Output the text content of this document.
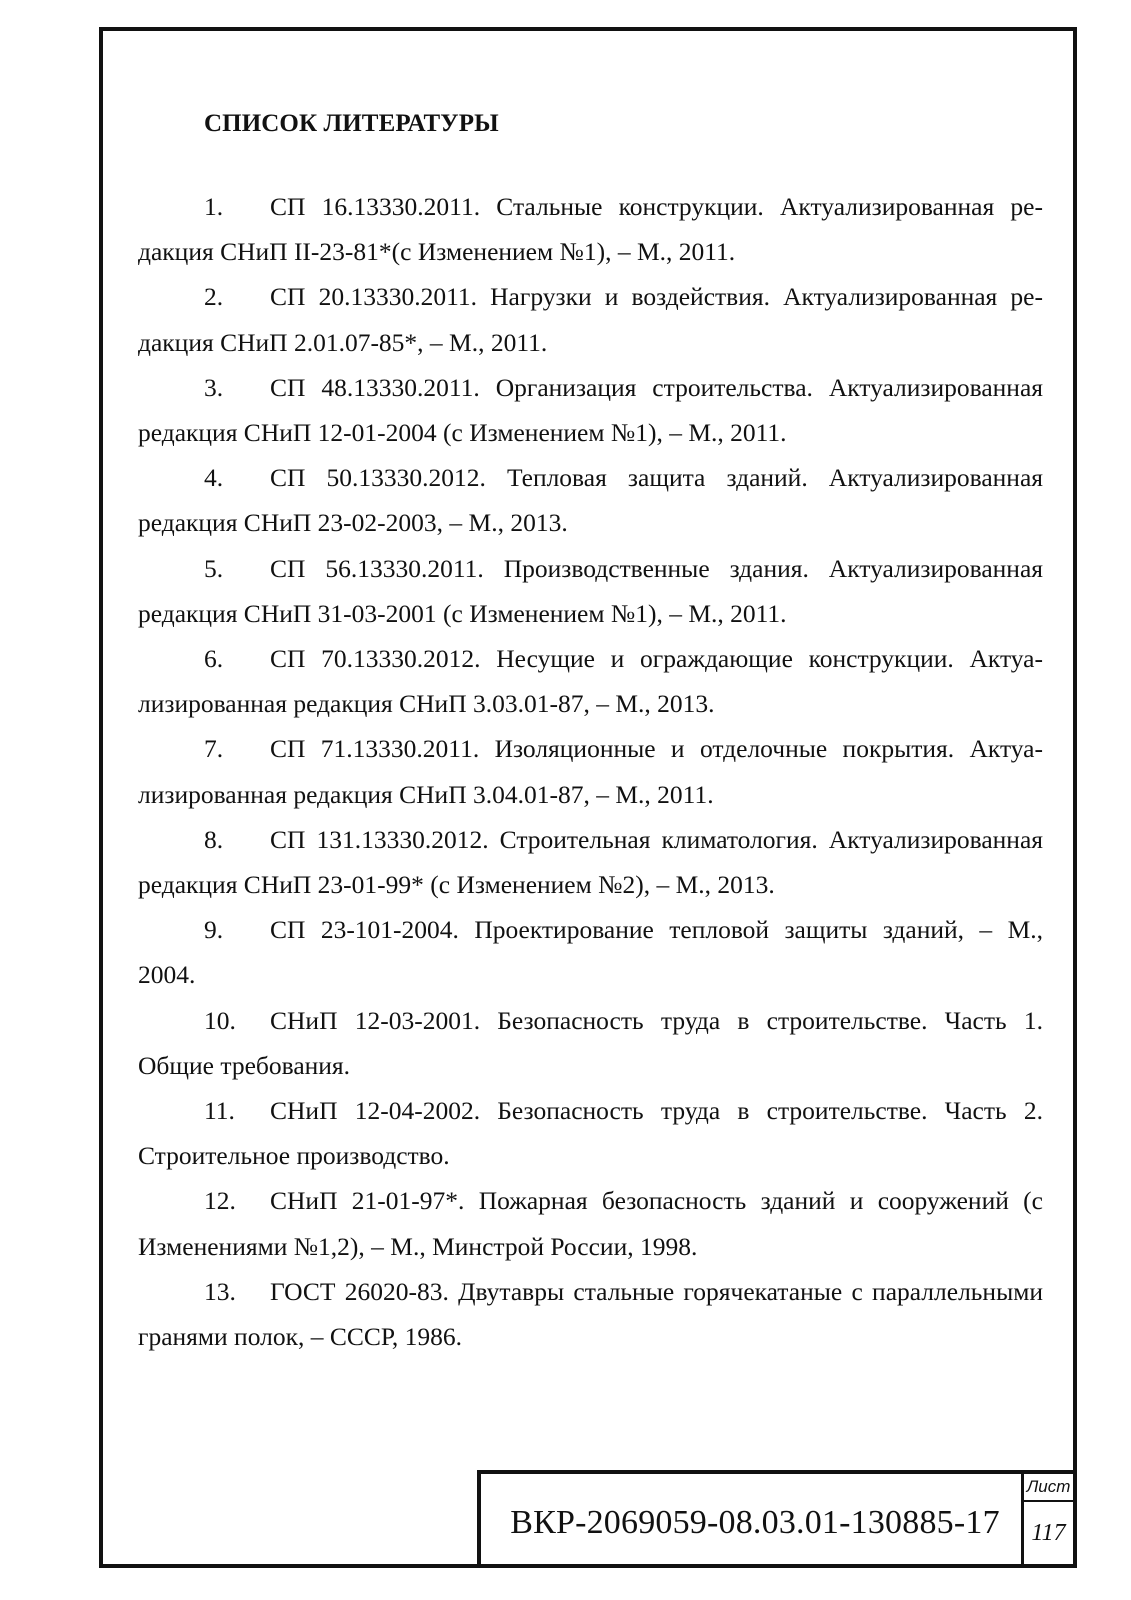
СПИСОК ЛИТЕРАТУРЫ
1. СП 16.13330.2011. Стальные конструкции. Актуализированная редакция СНиП II-23-81*(с Изменением №1), – М., 2011.
2. СП 20.13330.2011. Нагрузки и воздействия. Актуализированная редакция СНиП 2.01.07-85*, – М., 2011.
3. СП 48.13330.2011. Организация строительства. Актуализированная редакция СНиП 12-01-2004 (с Изменением №1), – М., 2011.
4. СП 50.13330.2012. Тепловая защита зданий. Актуализированная редакция СНиП 23-02-2003, – М., 2013.
5. СП 56.13330.2011. Производственные здания. Актуализированная редакция СНиП 31-03-2001 (с Изменением №1), – М., 2011.
6. СП 70.13330.2012. Несущие и ограждающие конструкции. Актуализированная редакция СНиП 3.03.01-87, – М., 2013.
7. СП 71.13330.2011. Изоляционные и отделочные покрытия. Актуализированная редакция СНиП 3.04.01-87, – М., 2011.
8. СП 131.13330.2012. Строительная климатология. Актуализированная редакция СНиП 23-01-99* (с Изменением №2), – М., 2013.
9. СП 23-101-2004. Проектирование тепловой защиты зданий, – М., 2004.
10. СНиП 12-03-2001. Безопасность труда в строительстве. Часть 1. Общие требования.
11. СНиП 12-04-2002. Безопасность труда в строительстве. Часть 2. Строительное производство.
12. СНиП 21-01-97*. Пожарная безопасность зданий и сооружений (с Изменениями №1,2), – М., Минстрой России, 1998.
13. ГОСТ 26020-83. Двутавры стальные горячекатаные с параллельными гранями полок, – СССР, 1986.
ВКР-2069059-08.03.01-130885-17
Лист
117
